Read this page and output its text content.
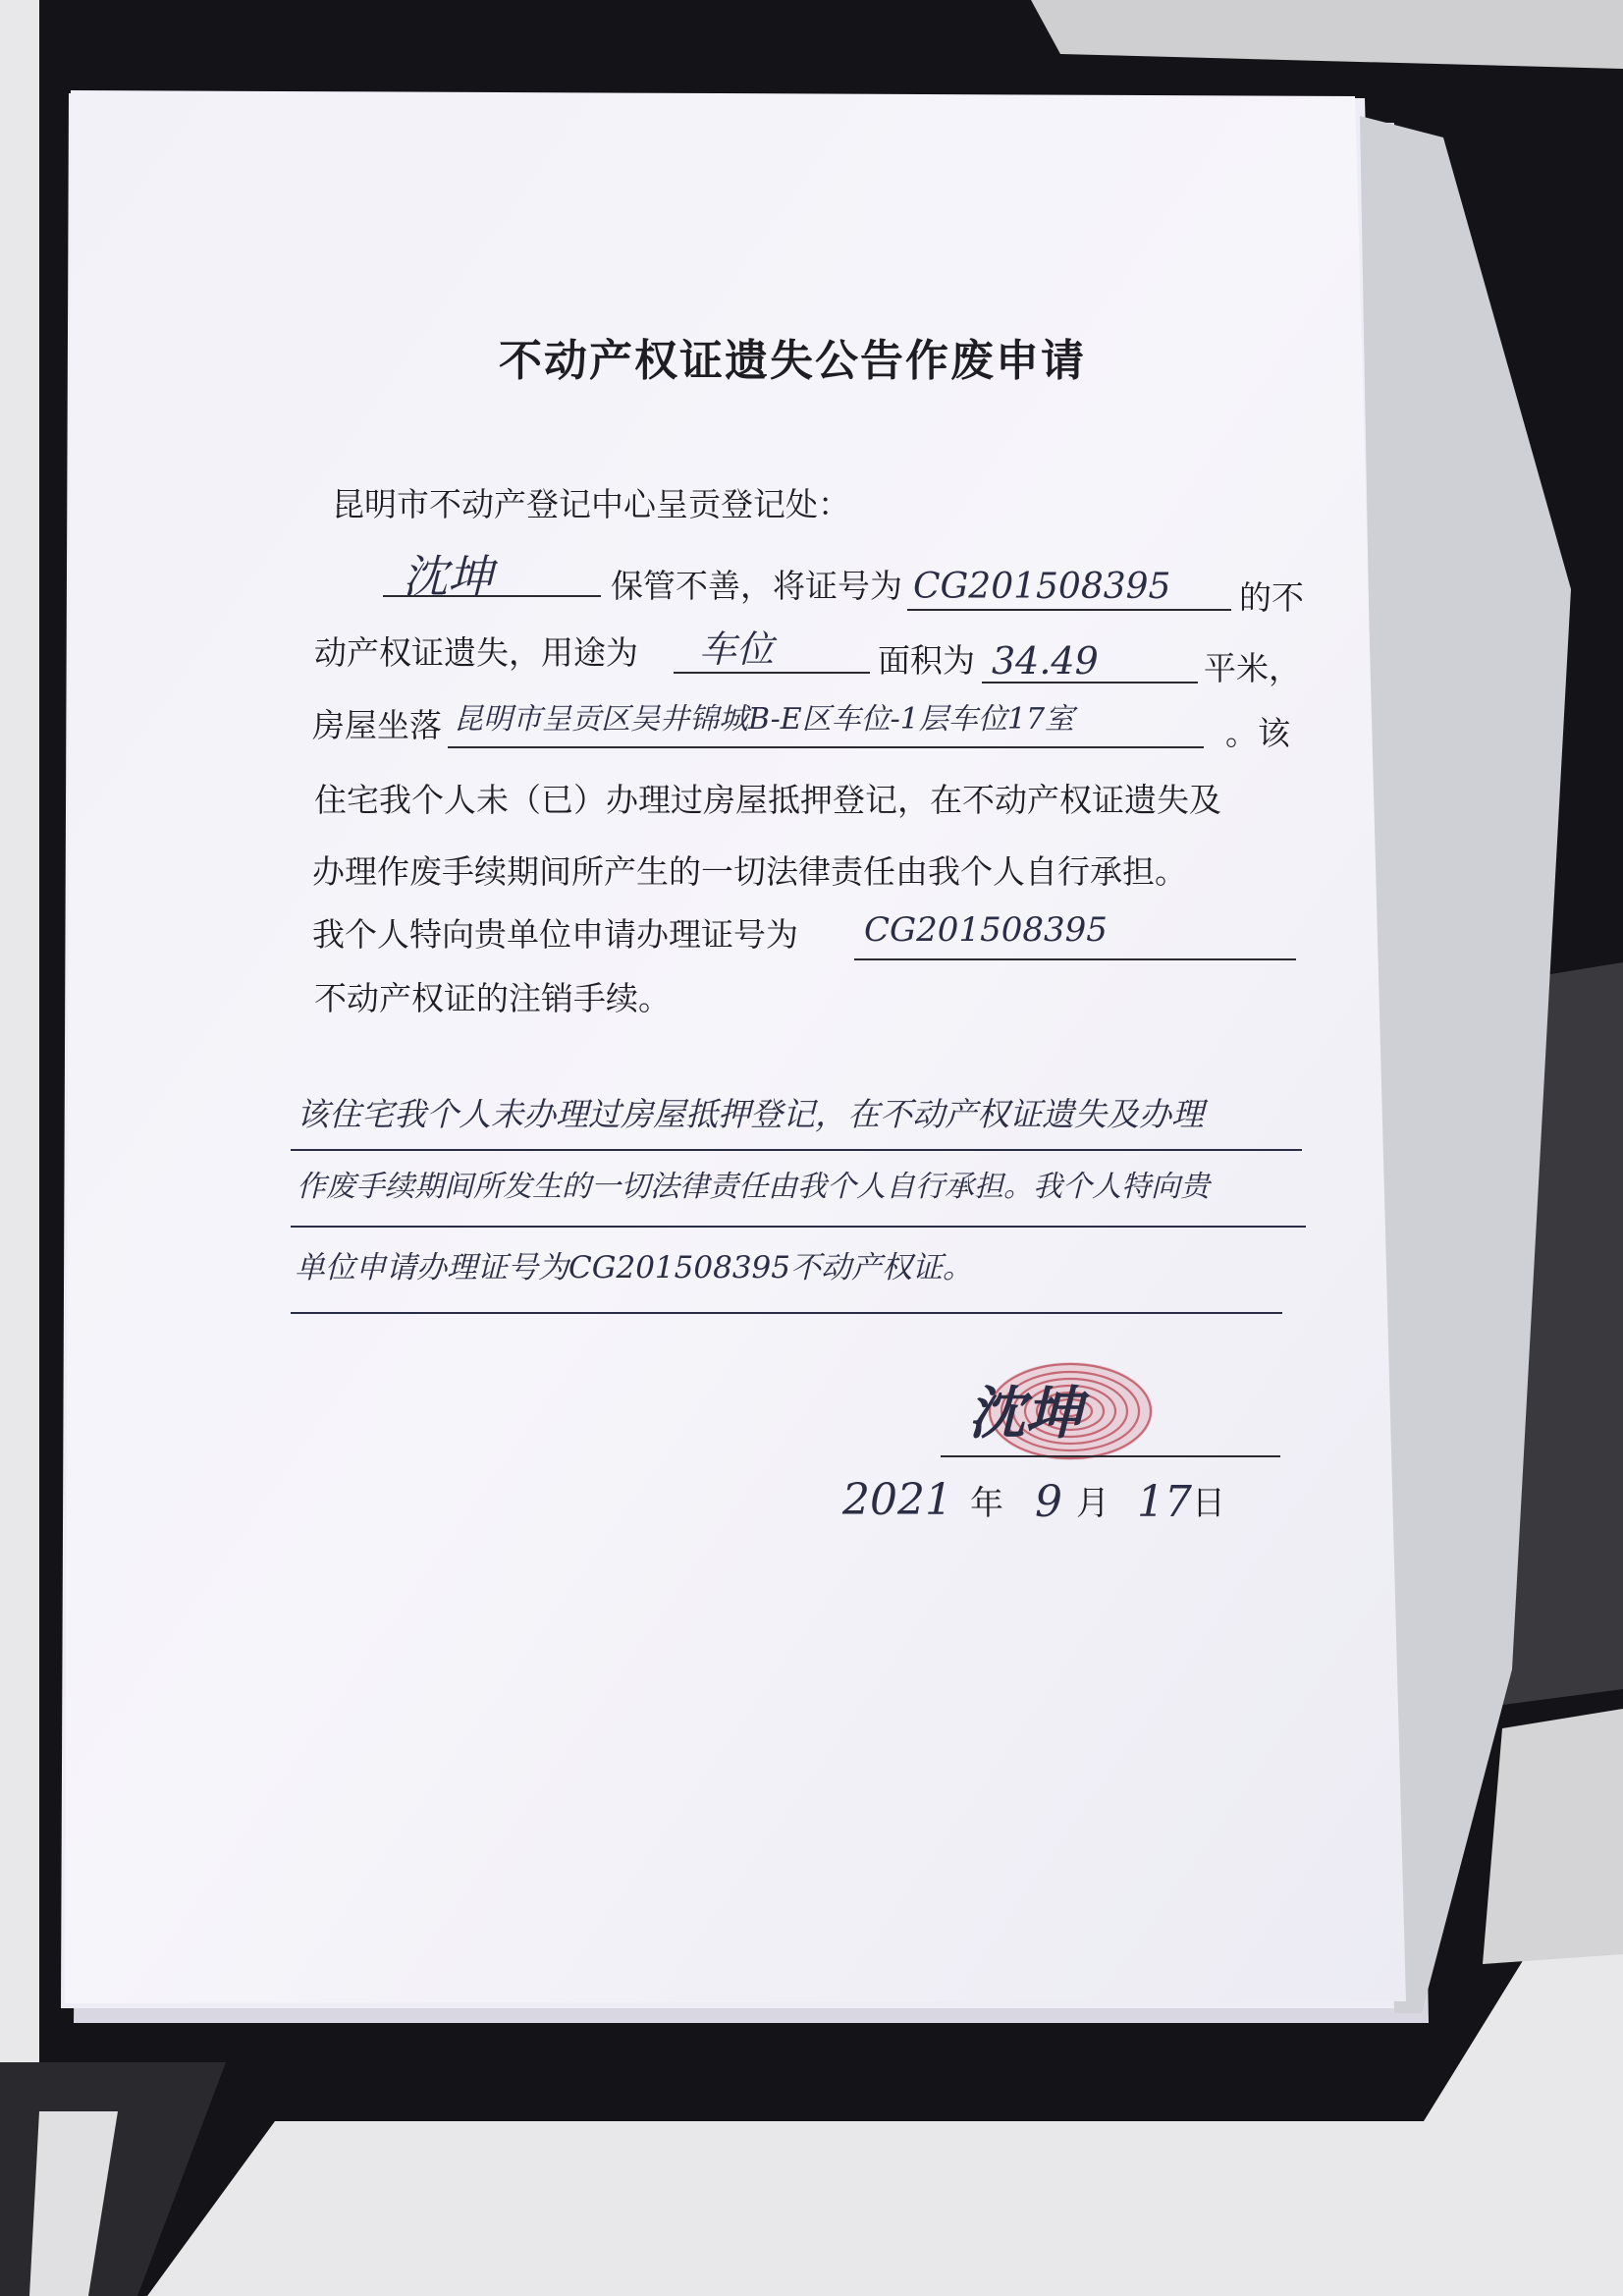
不动产权证遗失公告作废申请
昆明市不动产登记中心呈贡登记处：
沈坤	保管不善，将证号为 CG201508395 的不
动产权证遗失，用途为 车位	面积为 34.49	平米，
房屋坐落 昆明市呈贡区吴井锦城B-E区车位-1层车位17室	。该
住宅我个人未（已）办理过房屋抵押登记，在不动产权证遗失及
办理作废手续期间所产生的一切法律责任由我个人自行承担。
我个人特向贵单位申请办理证号为 CG201508395
不动产权证的注销手续。
该住宅我个人未办理过房屋抵押登记，在不动产权证遗失及办理
作废手续期间所发生的一切法律责任由我个人自行承担。我个人特向贵
单位申请办理证号为CG201508395不动产权证。
沈坤
2021 年 9 月 17 日
